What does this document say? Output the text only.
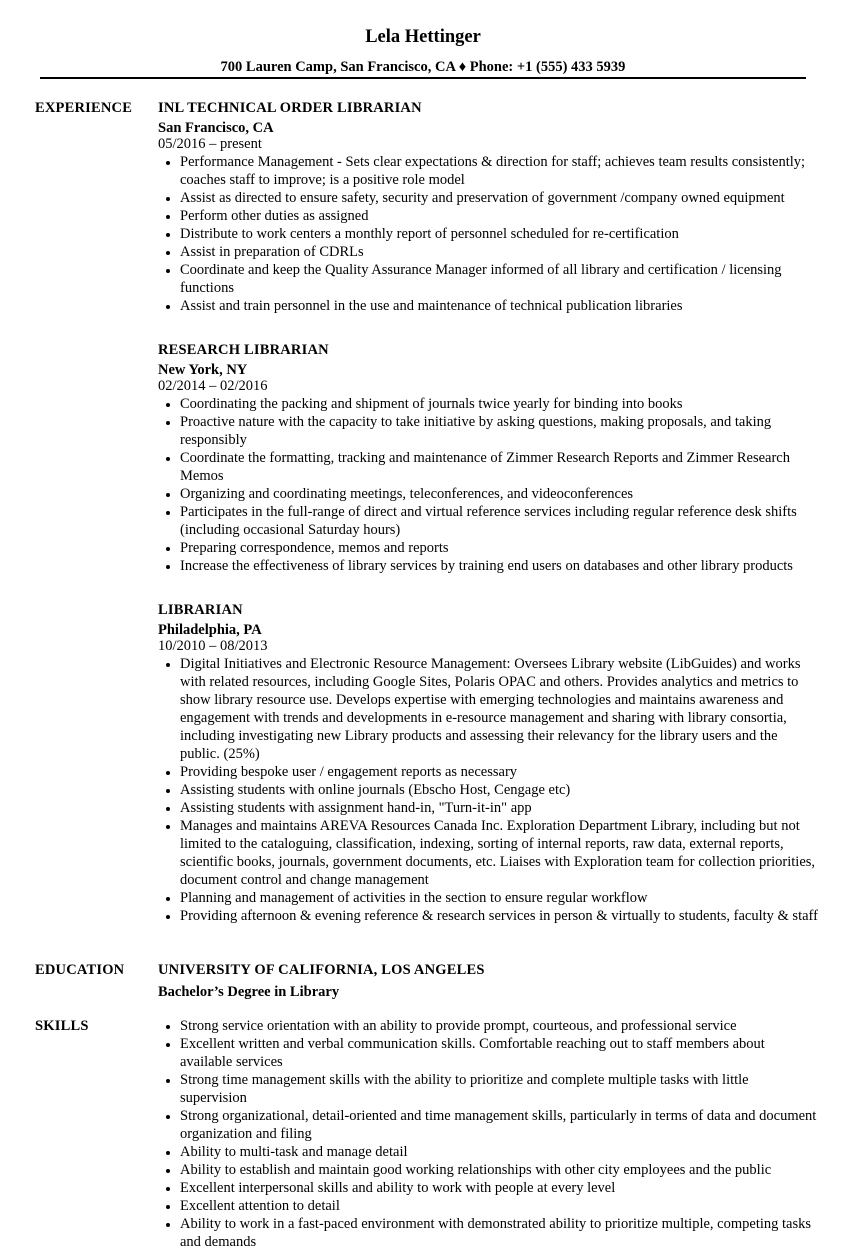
Lela Hettinger
700 Lauren Camp, San Francisco, CA ♦ Phone: +1 (555) 433 5939
EXPERIENCE INL TECHNICAL ORDER LIBRARIAN
San Francisco, CA
05/2016 – present
• Performance Management - Sets clear expectations & direction for staff; achieves team results consistently; coaches staff to improve; is a positive role model
• Assist as directed to ensure safety, security and preservation of government /company owned equipment
• Perform other duties as assigned
• Distribute to work centers a monthly report of personnel scheduled for re-certification
• Assist in preparation of CDRLs
• Coordinate and keep the Quality Assurance Manager informed of all library and certification / licensing functions
• Assist and train personnel in the use and maintenance of technical publication libraries
RESEARCH LIBRARIAN
New York, NY
02/2014 – 02/2016
• Coordinating the packing and shipment of journals twice yearly for binding into books
• Proactive nature with the capacity to take initiative by asking questions, making proposals, and taking responsibly
• Coordinate the formatting, tracking and maintenance of Zimmer Research Reports and Zimmer Research Memos
• Organizing and coordinating meetings, teleconferences, and videoconferences
• Participates in the full-range of direct and virtual reference services including regular reference desk shifts (including occasional Saturday hours)
• Preparing correspondence, memos and reports
• Increase the effectiveness of library services by training end users on databases and other library products
LIBRARIAN
Philadelphia, PA
10/2010 – 08/2013
• Digital Initiatives and Electronic Resource Management: Oversees Library website (LibGuides) and works with related resources, including Google Sites, Polaris OPAC and others. Provides analytics and metrics to show library resource use. Develops expertise with emerging technologies and maintains awareness and engagement with trends and developments in e-resource management and sharing with library consortia, including investigating new Library products and assessing their relevancy for the library users and the public. (25%)
• Providing bespoke user / engagement reports as necessary
• Assisting students with online journals (Ebscho Host, Cengage etc)
• Assisting students with assignment hand-in, "Turn-it-in" app
• Manages and maintains AREVA Resources Canada Inc. Exploration Department Library, including but not limited to the cataloguing, classification, indexing, sorting of internal reports, raw data, external reports, scientific books, journals, government documents, etc. Liaises with Exploration team for collection priorities, document control and change management
• Planning and management of activities in the section to ensure regular workflow
• Providing afternoon & evening reference & research services in person & virtually to students, faculty & staff
EDUCATION UNIVERSITY OF CALIFORNIA, LOS ANGELES
Bachelor’s Degree in Library
SKILLS
•	Strong service orientation with an ability to provide prompt, courteous, and professional service
• Excellent written and verbal communication skills. Comfortable reaching out to staff members about available services
• Strong time management skills with the ability to prioritize and complete multiple tasks with little supervision
• Strong organizational, detail-oriented and time management skills, particularly in terms of data and document organization and filing
• Ability to multi-task and manage detail
• Ability to establish and maintain good working relationships with other city employees and the public
• Excellent interpersonal skills and ability to work with people at every level
• Excellent attention to detail
• Ability to work in a fast-paced environment with demonstrated ability to prioritize multiple, competing tasks and demands
